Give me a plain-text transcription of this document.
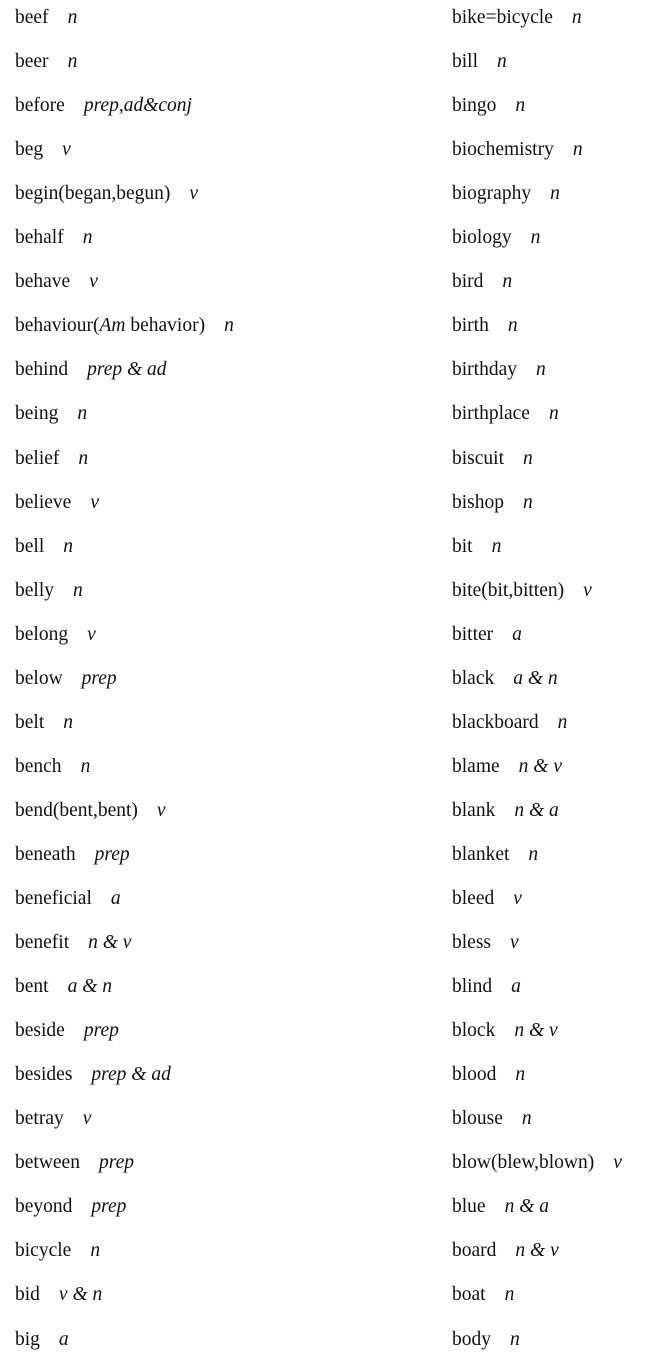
beef n
beer n
before prep,ad&conj
beg v
begin(began,begun) v
behalf n
behave v
behaviour(Am behavior) n
behind prep & ad
being n
belief n
believe v
bell n
belly n
belong v
below prep
belt n
bench n
bend(bent,bent) v
beneath prep
beneficial a
benefit n & v
bent a & n
beside prep
besides prep & ad
betray v
between prep
beyond prep
bicycle n
bid v & n
big a
bike=bicycle n
bill n
bingo n
biochemistry n
biography n
biology n
bird n
birth n
birthday n
birthplace n
biscuit n
bishop n
bit n
bite(bit,bitten) v
bitter a
black a & n
blackboard n
blame n & v
blank n & a
blanket n
bleed v
bless v
blind a
block n & v
blood n
blouse n
blow(blew,blown) v
blue n & a
board n & v
boat n
body n
